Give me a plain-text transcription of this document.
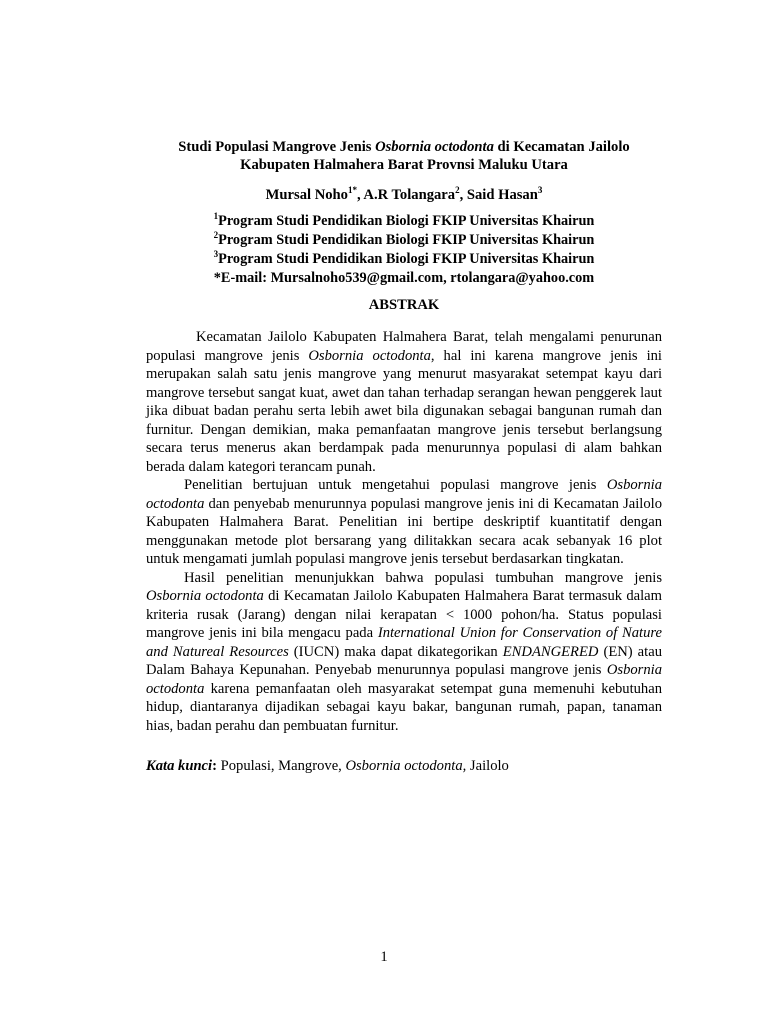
Studi Populasi Mangrove Jenis Osbornia octodonta di Kecamatan Jailolo Kabupaten Halmahera Barat Provnsi Maluku Utara

Mursal Noho$^{1*}$, A.R Tolangara$^2$, Said Hasan$^3$

$^1$Program Studi Pendidikan Biologi FKIP Universitas Khairun
$^2$Program Studi Pendidikan Biologi FKIP Universitas Khairun
$^3$Program Studi Pendidikan Biologi FKIP Universitas Khairun
*E-mail: Mursalnoho539@gmail.com, rtolangara@yahoo.com

ABSTRAK

Kecamatan Jailolo Kabupaten Halmahera Barat, telah mengalami penurunan populasi mangrove jenis Osbornia octodonta, hal ini karena mangrove jenis ini merupakan salah satu jenis mangrove yang menurut masyarakat setempat kayu dari mangrove tersebut sangat kuat, awet dan tahan terhadap serangan hewan penggerek laut jika dibuat badan perahu serta lebih awet bila digunakan sebagai bangunan rumah dan furnitur. Dengan demikian, maka pemanfaatan mangrove jenis tersebut berlangsung secara terus menerus akan berdampak pada menurunnya populasi di alam bahkan berada dalam kategori terancam punah.

Penelitian bertujuan untuk mengetahui populasi mangrove jenis Osbornia octodonta dan penyebab menurunnya populasi mangrove jenis ini di Kecamatan Jailolo Kabupaten Halmahera Barat. Penelitian ini bertipe deskriptif kuantitatif dengan menggunakan metode plot bersarang yang dilitakkan secara acak sebanyak 16 plot untuk mengamati jumlah populasi mangrove jenis tersebut berdasarkan tingkatan.

Hasil penelitian menunjukkan bahwa populasi tumbuhan mangrove jenis Osbornia octodonta di Kecamatan Jailolo Kabupaten Halmahera Barat termasuk dalam kriteria rusak (Jarang) dengan nilai kerapatan < 1000 pohon/ha. Status populasi mangrove jenis ini bila mengacu pada International Union for Conservation of Nature and Natureal Resources (IUCN) maka dapat dikategorikan ENDANGERED (EN) atau Dalam Bahaya Kepunahan. Penyebab menurunnya populasi mangrove jenis Osbornia octodonta karena pemanfaatan oleh masyarakat setempat guna memenuhi kebutuhan hidup, diantaranya dijadikan sebagai kayu bakar, bangunan rumah, papan, tanaman hias, badan perahu dan pembuatan furnitur.

Kata kunci: Populasi, Mangrove, Osbornia octodonta, Jailolo

1
